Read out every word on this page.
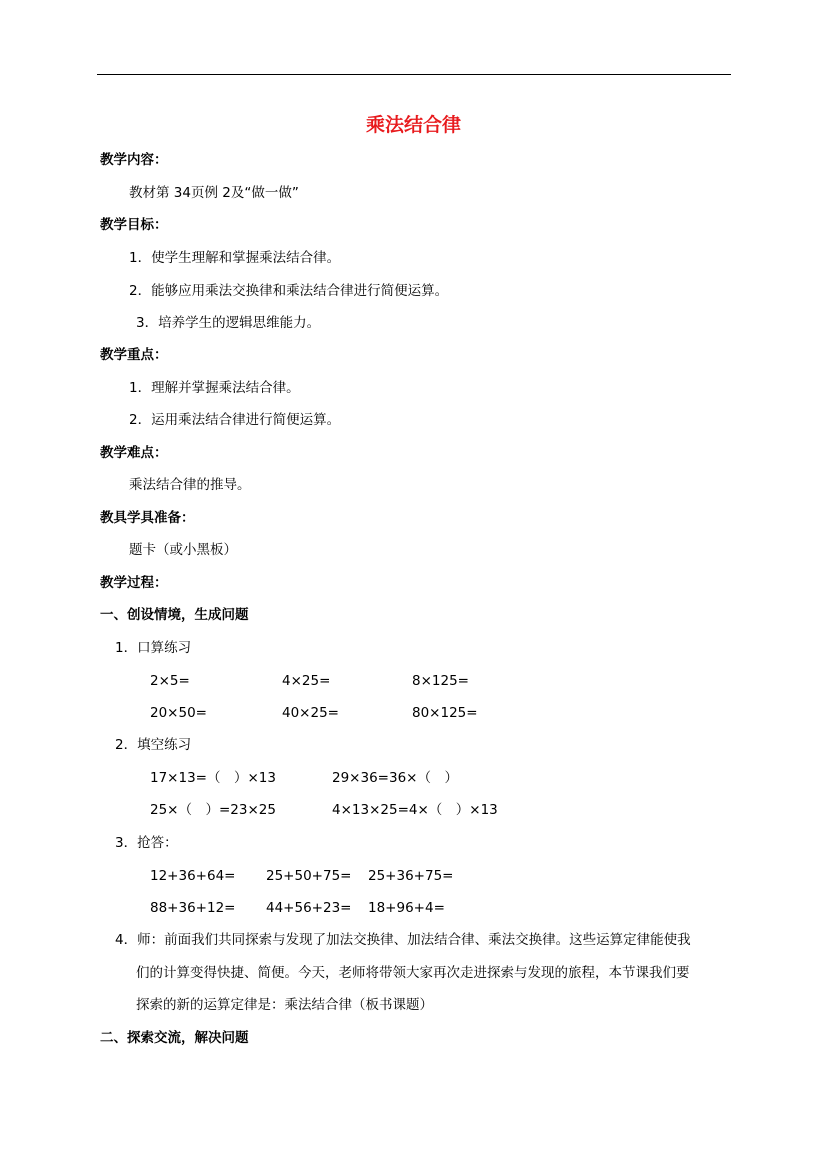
乘法结合律
教学内容：
教材第 34页例 2及“做一做”
教学目标：
1．使学生理解和掌握乘法结合律。
2．能够应用乘法交换律和乘法结合律进行简便运算。
3．培养学生的逻辑思维能力。
教学重点：
1．理解并掌握乘法结合律。
2．运用乘法结合律进行简便运算。
教学难点：
乘法结合律的推导。
教具学具准备：
题卡（或小黑板）
教学过程：
一、创设情境，生成问题
1．口算练习
2×5=	4×25=	8×125=
20×50=	40×25=	80×125=
2．填空练习
17×13=（　）×13	29×36=36×（　）
25×（　）=23×25	4×13×25=4×（　）×13
3．抢答：
12+36+64= 25+50+75= 25+36+75=
88+36+12= 44+56+23= 18+96+4=
4．师：前面我们共同探索与发现了加法交换律、加法结合律、乘法交换律。这些运算定律能使我
们的计算变得快捷、简便。今天，老师将带领大家再次走进探索与发现的旅程，本节课我们要
探索的新的运算定律是：乘法结合律（板书课题）
二、探索交流，解决问题
